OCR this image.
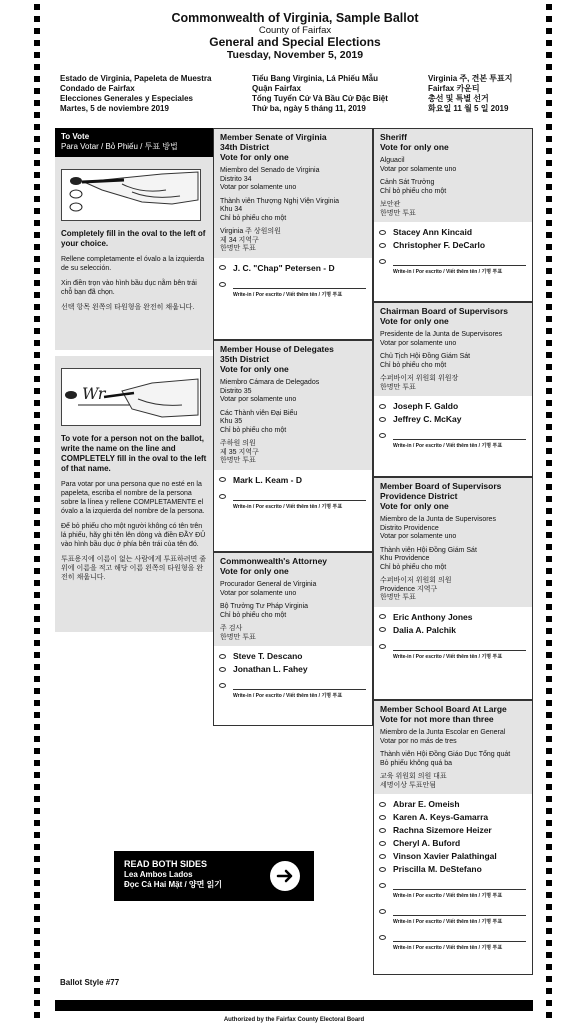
Commonwealth of Virginia, Sample Ballot
County of Fairfax
General and Special Elections
Tuesday, November 5, 2019
Estado de Virginia, Papeleta de Muestra
Condado de Fairfax
Elecciones Generales y Especiales
Martes, 5 de noviembre 2019
Tiểu Bang Virginia, Lá Phiếu Mẫu
Quận Fairfax
Tổng Tuyển Cử Và Bầu Cử Đặc Biệt
Thứ ba, ngày 5 tháng 11, 2019
Virginia 주, 견본 투표지
Fairfax 카운티
총선 및 특별 선거
화요일 11 월 5 일 2019
To Vote
Para Votar / Bỏ Phiếu / 투표 방법
Completely fill in the oval to the left of your choice.

Rellene completamente el óvalo a la izquierda de su selección.

Xin điền trọn vào hình bầu dục nằm bên trái chỗ bạn đã chọn.

선택 항목 왼쪽의 타원형을 완전히 채웁니다.

Wr
To vote for a person not on the ballot, write the name on the line and COMPLETELY fill in the oval to the left of that name.

Para votar por una persona que no esté en la papeleta, escriba el nombre de la persona sobre la línea y rellene COMPLETAMENTE el óvalo a la izquierda del nombre de la persona.

Để bỏ phiếu cho một người không có tên trên lá phiếu, hãy ghi tên lên dòng và điền ĐẦY ĐỦ vào hình bầu dục ở phía bên trái của tên đó.

투표용지에 이름이 없는 사람에게 투표하려면 줄 위에 이름을 적고 해당 이름 왼쪽의 타원형을 완전히 채웁니다.

Member Senate of Virginia
34th District
Vote for only one
Miembro del Senado de Virginia
Distrito 34
Votar por solamente uno
Thành viên Thượng Nghị Viện Virginia
Khu 34
Chỉ bỏ phiếu cho một
Virginia 주 상원의원
제 34 지역구
한명만 투표
J. C. "Chap" Petersen - D
Write-in / Por escrito / Viết thêm tên / 기명 투표
Member House of Delegates
35th District
Vote for only one
Miembro Cámara de Delegados
Distrito 35
Votar por solamente uno
Các Thành viên Đại Biểu
Khu 35
Chỉ bỏ phiếu cho một
주하원 의원
제 35 지역구
한명만 투표
Mark L. Keam - D
Write-in / Por escrito / Viết thêm tên / 기명 투표
Commonwealth's Attorney
Vote for only one
Procurador General de Virginia
Votar por solamente uno
Bộ Trưởng Tư Pháp Virginia
Chỉ bỏ phiếu cho một
주 검사
한명만 투표
Steve T. Descano
Jonathan L. Fahey
Write-in / Por escrito / Viết thêm tên / 기명 투표
Sheriff
Vote for only one
Alguacil
Votar por solamente uno
Cảnh Sát Trưởng
Chỉ bỏ phiếu cho một
보안관
한명만 투표
Stacey Ann Kincaid
Christopher F. DeCarlo
Write-in / Por escrito / Viết thêm tên / 기명 투표
Chairman Board of Supervisors
Vote for only one
Presidente de la Junta de Supervisores
Votar por solamente uno
Chủ Tịch Hội Đồng Giám Sát
Chỉ bỏ phiếu cho một
수퍼바이저 위원회 위원장
한명만 투표
Joseph F. Galdo
Jeffrey C. McKay
Write-in / Por escrito / Viết thêm tên / 기명 투표
Member Board of Supervisors
Providence District
Vote for only one
Miembro de la Junta de Supervisores
Distrito Providence
Votar por solamente uno
Thành viên Hội Đồng Giám Sát
Khu Providence
Chỉ bỏ phiếu cho một
수퍼바이저 위원회 의원
Providence 지역구
한명만 투표
Eric Anthony Jones
Dalia A. Palchik
Write-in / Por escrito / Viết thêm tên / 기명 투표
Member School Board At Large
Vote for not more than three
Miembro de la Junta Escolar en General
Votar por no más de tres
Thành viên Hội Đồng Giáo Dục Tổng quát
Bỏ phiếu không quá ba
교육 위원회 의원 대표
세명이상 투표안됨
Abrar E. Omeish
Karen A. Keys-Gamarra
Rachna Sizemore Heizer
Cheryl A. Buford
Vinson Xavier Palathingal
Priscilla M. DeStefano
Write-in / Por escrito / Viết thêm tên / 기명 투표
Write-in / Por escrito / Viết thêm tên / 기명 투표
Write-in / Por escrito / Viết thêm tên / 기명 투표
READ BOTH SIDES
Lea Ambos Lados
Đọc Cả Hai Mặt / 양면 읽기
Ballot Style #77
Authorized by the Fairfax County Electoral Board
